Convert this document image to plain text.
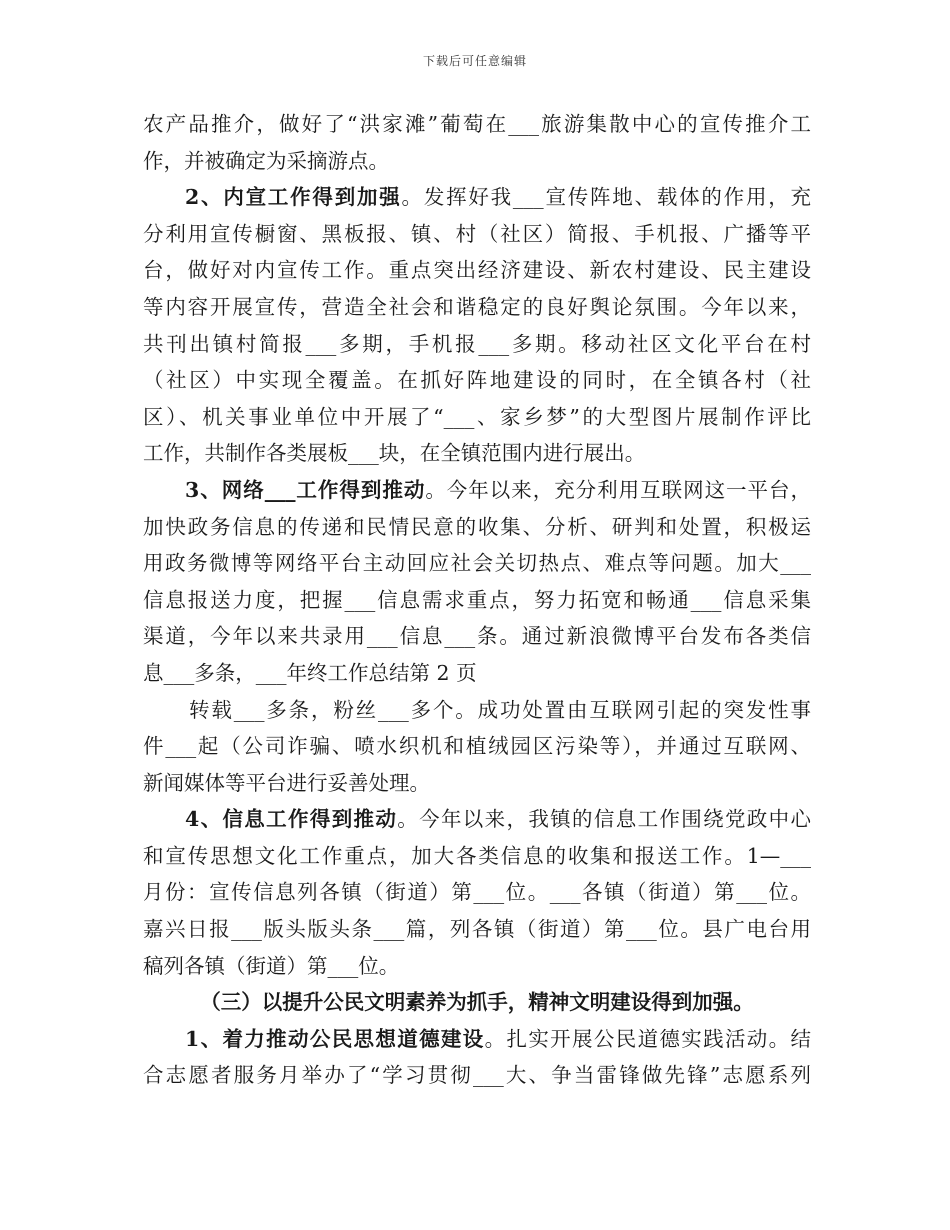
下载后可任意编辑
农产品推介，做好了“洪家滩”葡萄在___旅游集散中心的宣传推介工
作，并被确定为采摘游点。
2、内宣工作得到加强。发挥好我___宣传阵地、载体的作用，充
分利用宣传橱窗、黑板报、镇、村（社区）简报、手机报、广播等平
台，做好对内宣传工作。重点突出经济建设、新农村建设、民主建设
等内容开展宣传，营造全社会和谐稳定的良好舆论氛围。今年以来，
共刊出镇村简报___多期，手机报___多期。移动社区文化平台在村
（社区）中实现全覆盖。在抓好阵地建设的同时，在全镇各村（社
区）、机关事业单位中开展了“___、家乡梦”的大型图片展制作评比
工作，共制作各类展板___块，在全镇范围内进行展出。
3、网络___工作得到推动。今年以来，充分利用互联网这一平台，
加快政务信息的传递和民情民意的收集、分析、研判和处置，积极运
用政务微博等网络平台主动回应社会关切热点、难点等问题。加大___
信息报送力度，把握___信息需求重点，努力拓宽和畅通___信息采集
渠道，今年以来共录用___信息___条。通过新浪微博平台发布各类信
息___多条，___年终工作总结第 2 页
转载___多条，粉丝___多个。成功处置由互联网引起的突发性事
件___起（公司诈骗、喷水织机和植绒园区污染等），并通过互联网、
新闻媒体等平台进行妥善处理。
4、信息工作得到推动。今年以来，我镇的信息工作围绕党政中心
和宣传思想文化工作重点，加大各类信息的收集和报送工作。1—___
月份：宣传信息列各镇（街道）第___位。___各镇（街道）第___位。
嘉兴日报___版头版头条___篇，列各镇（街道）第___位。县广电台用
稿列各镇（街道）第___位。
（三）以提升公民文明素养为抓手，精神文明建设得到加强。
1、着力推动公民思想道德建设。扎实开展公民道德实践活动。结
合志愿者服务月举办了“学习贯彻___大、争当雷锋做先锋”志愿系列
